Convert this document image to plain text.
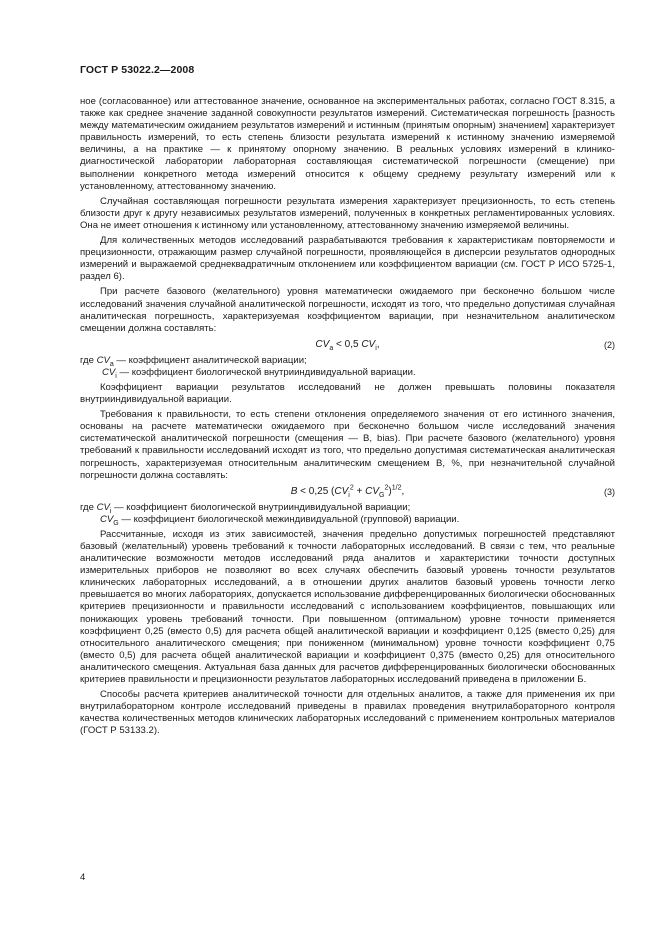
ГОСТ Р 53022.2—2008

ное (согласованное) или аттестованное значение, основанное на экспериментальных работах, согласно ГОСТ 8.315, а также как среднее значение заданной совокупности результатов измерений. Систематическая погрешность [разность между математическим ожиданием результатов измерений и истинным (принятым опорным) значением] характеризует правильность измерений, то есть степень близости результата измерений к истинному значению измеряемой величины, а на практике — к принятому опорному значению. В реальных условиях измерений в клинико-диагностической лаборатории лабораторная составляющая систематической погрешности (смещение) при выполнении конкретного метода измерений относится к общему среднему результату измерений или к установленному, аттестованному значению.

Случайная составляющая погрешности результата измерения характеризует прецизионность, то есть степень близости друг к другу независимых результатов измерений, полученных в конкретных регламентированных условиях. Она не имеет отношения к истинному или установленному, аттестованному значению измеряемой величины.

Для количественных методов исследований разрабатываются требования к характеристикам повторяемости и прецизионности, отражающим размер случайной погрешности, проявляющейся в дисперсии результатов однородных измерений и выражаемой среднеквадратичным отклонением или коэффициентом вариации (см. ГОСТ Р ИСО 5725-1, раздел 6).

При расчете базового (желательного) уровня математически ожидаемого при бесконечно большом числе исследований значения случайной аналитической погрешности, исходят из того, что предельно допустимая случайная аналитическая погрешность, характеризуемая коэффициентом вариации, при незначительном аналитическом смещении должна составлять:

$CV_a < 0,5$ $CV_i$,	(2)
где $CV_a$ — коэффициент аналитической вариации;
$CV_i$ — коэффициент биологической внутрииндивидуальной вариации.

Коэффициент вариации результатов исследований не должен превышать половины показателя внутрииндивидуальной вариации.

Требования к правильности, то есть степени отклонения определяемого значения от его истинного значения, основаны на расчете математически ожидаемого при бесконечно большом числе исследований значения систематической аналитической погрешности (смещения — B, bias). При расчете базового (желательного) уровня требований к правильности исследований исходят из того, что предельно допустимая систематическая аналитическая погрешность, характеризуемая относительным аналитическим смещением B, %, при незначительной случайной погрешности должна составлять:

B < 0,25 $(CV_i^2 + CV_G^2)^{1/2}$,	(3)
где $CV_i$ — коэффициент биологической внутрииндивидуальной вариации;
$CV_G$ — коэффициент биологической межиндивидуальной (групповой) вариации.

Рассчитанные, исходя из этих зависимостей, значения предельно допустимых погрешностей представляют базовый (желательный) уровень требований к точности лабораторных исследований. В связи с тем, что реальные аналитические возможности методов исследований ряда аналитов и характеристики точности доступных измерительных приборов не позволяют во всех случаях обеспечить базовый уровень точности результатов клинических лабораторных исследований, а в отношении других аналитов базовый уровень точности легко превышается во многих лабораториях, допускается использование дифференцированных биологически обоснованных критериев прецизионности и правильности исследований с использованием коэффициентов, повышающих или понижающих уровень требований точности. При повышенном (оптимальном) уровне точности применяется коэффициент 0,25 (вместо 0,5) для расчета общей аналитической вариации и коэффициент 0,125 (вместо 0,25) для относительного аналитического смещения; при пониженном (минимальном) уровне точности коэффициент 0,75 (вместо 0,5) для расчета общей аналитической вариации и коэффициент 0,375 (вместо 0,25) для относительного аналитического смещения. Актуальная база данных для расчетов дифференцированных биологически обоснованных критериев правильности и прецизионности результатов лабораторных исследований приведена в приложении Б.

Способы расчета критериев аналитической точности для отдельных аналитов, а также для применения их при внутрилабораторном контроле исследований приведены в правилах проведения внутрилабораторного контроля качества количественных методов клинических лабораторных исследований с применением контрольных материалов (ГОСТ Р 53133.2).

4
